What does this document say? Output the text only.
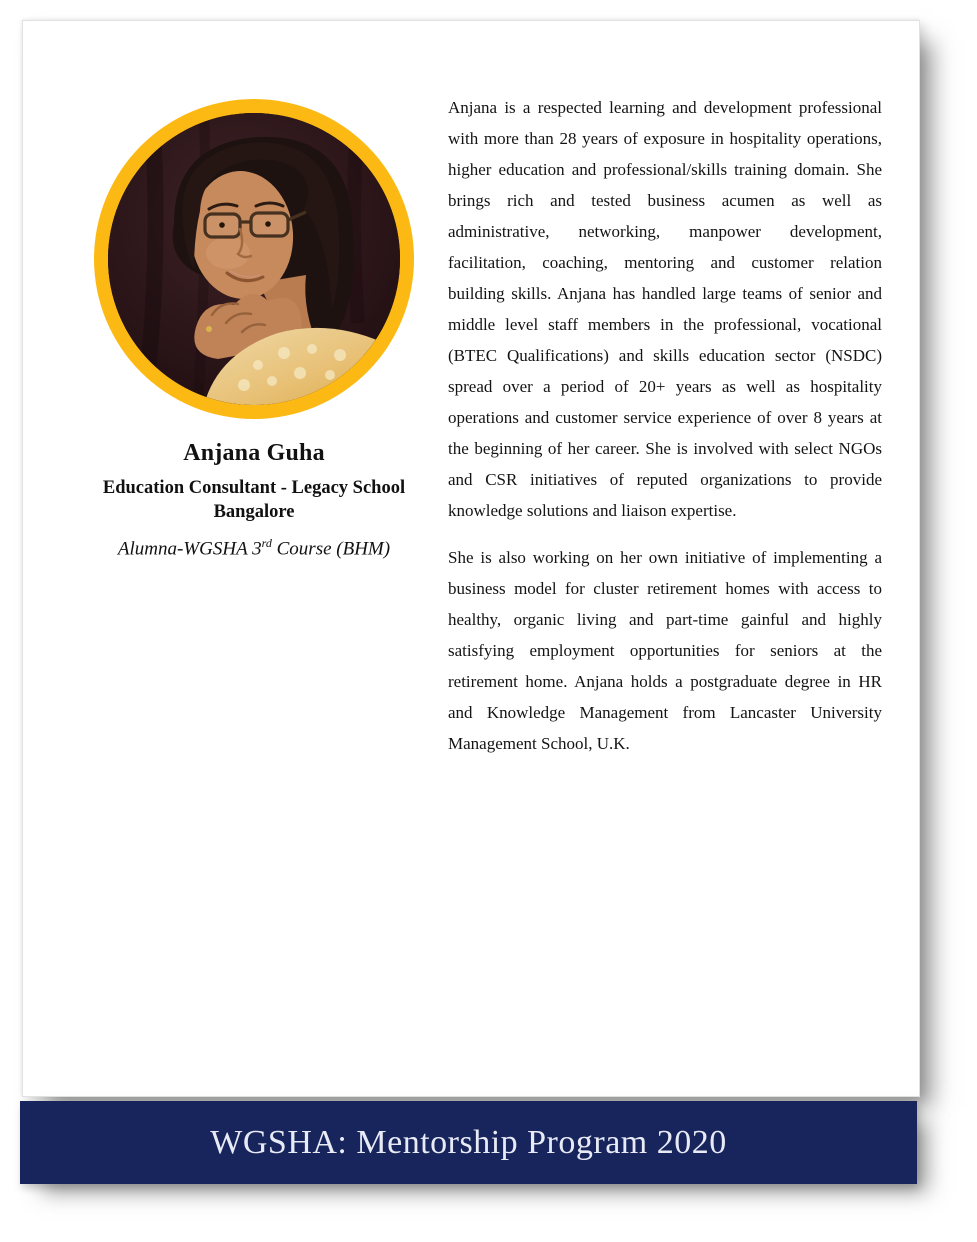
Anjana Guha
Education Consultant - Legacy School Bangalore
Alumna-WGSHA 3rd Course (BHM)

Anjana is a respected learning and development professional with more than 28 years of exposure in hospitality operations, higher education and professional/skills training domain. She brings rich and tested business acumen as well as administrative, networking, manpower development, facilitation, coaching, mentoring and customer relation building skills. Anjana has handled large teams of senior and middle level staff members in the professional, vocational (BTEC Qualifications) and skills education sector (NSDC) spread over a period of 20+ years as well as hospitality operations and customer service experience of over 8 years at the beginning of her career. She is involved with select NGOs and CSR initiatives of reputed organizations to provide knowledge solutions and liaison expertise.

She is also working on her own initiative of implementing a business model for cluster retirement homes with access to healthy, organic living and part-time gainful and highly satisfying employment opportunities for seniors at the retirement home. Anjana holds a postgraduate degree in HR and Knowledge Management from Lancaster University Management School, U.K.

WGSHA: Mentorship Program 2020
